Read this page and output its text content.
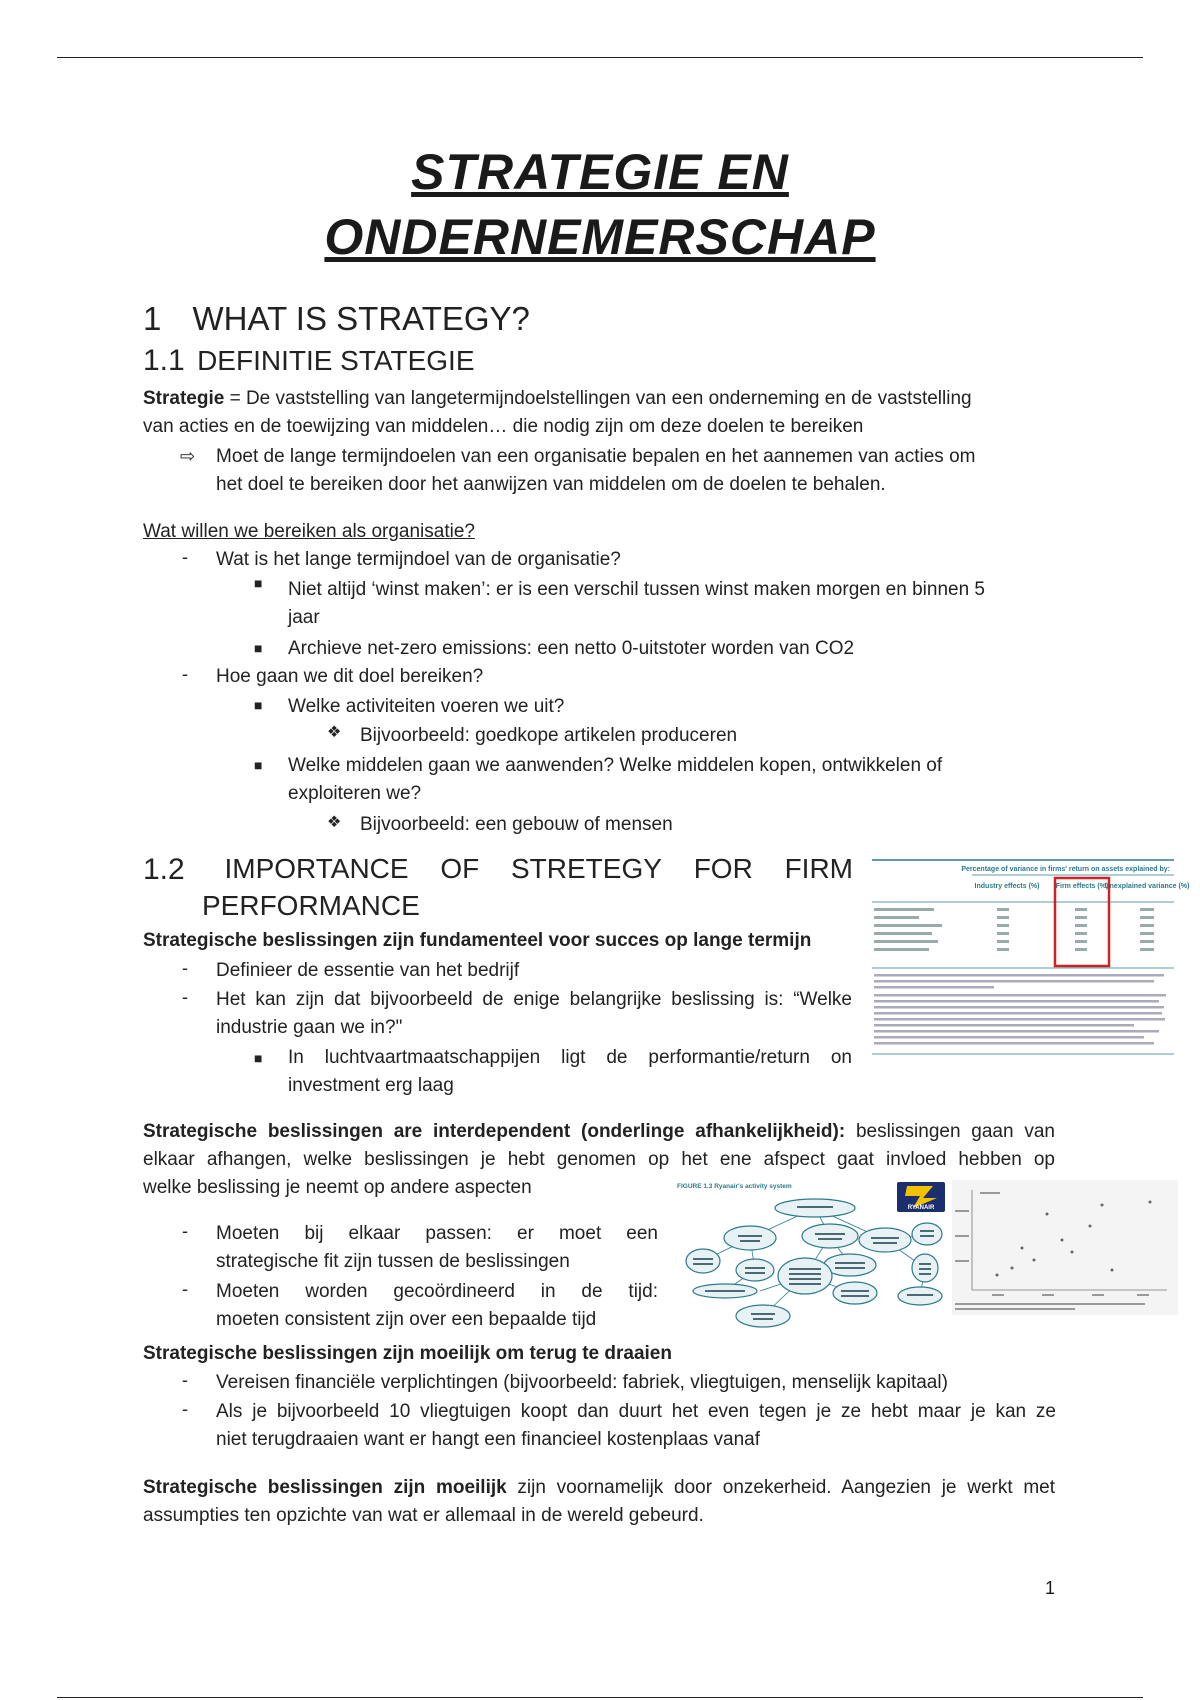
STRATEGIE EN
ONDERNEMERSCHAP
1 WHAT IS STRATEGY?
1.1 DEFINITIE STATEGIE
Strategie = De vaststelling van langetermijndoelstellingen van een onderneming en de vaststelling
van acties en de toewijzing van middelen… die nodig zijn om deze doelen te bereiken
⇨ Moet de lange termijndoelen van een organisatie bepalen en het aannemen van acties om
het doel te bereiken door het aanwijzen van middelen om de doelen te behalen.
Wat willen we bereiken als organisatie?
- Wat is het lange termijndoel van de organisatie?
■ Niet altijd ‘winst maken’: er is een verschil tussen winst maken morgen en binnen 5
jaar
■ Archieve net-zero emissions: een netto 0-uitstoter worden van CO2
- Hoe gaan we dit doel bereiken?
■ Welke activiteiten voeren we uit?
❖ Bijvoorbeeld: goedkope artikelen produceren
■ Welke middelen gaan we aanwenden? Welke middelen kopen, ontwikkelen of
exploiteren we?
❖ Bijvoorbeeld: een gebouw of mensen
1.2 IMPORTANCE OF STRETEGY FOR FIRM
PERFORMANCE
Strategische beslissingen zijn fundamenteel voor succes op lange termijn
- Definieer de essentie van het bedrijf
- Het kan zijn dat bijvoorbeeld de enige belangrijke beslissing is: “Welke
industrie gaan we in?"
■ In luchtvaartmaatschappijen ligt de performantie/return on
investment erg laag
Percentage of variance in firms' return on assets explained by:
Industry effects (%) Firm effects (%)
Unexplained variance (%)
Strategische beslissingen are interdependent (onderlinge afhankelijkheid): beslissingen gaan van
elkaar afhangen, welke beslissingen je hebt genomen op het ene afspect gaat invloed hebben op
welke beslissing je neemt op andere aspecten
- Moeten bij elkaar passen: er moet een
strategische fit zijn tussen de beslissingen
- Moeten worden gecoördineerd in de tijd:
moeten consistent zijn over een bepaalde tijd
FIGURE 1.3 Ryanair's activity system
RYANAIR
Strategische beslissingen zijn moeilijk om terug te draaien
- Vereisen financiële verplichtingen (bijvoorbeeld: fabriek, vliegtuigen, menselijk kapitaal)
- Als je bijvoorbeeld 10 vliegtuigen koopt dan duurt het even tegen je ze hebt maar je kan ze
niet terugdraaien want er hangt een financieel kostenplaas vanaf
Strategische beslissingen zijn moeilijk zijn voornamelijk door onzekerheid. Aangezien je werkt met
assumpties ten opzichte van wat er allemaal in de wereld gebeurd.
1
